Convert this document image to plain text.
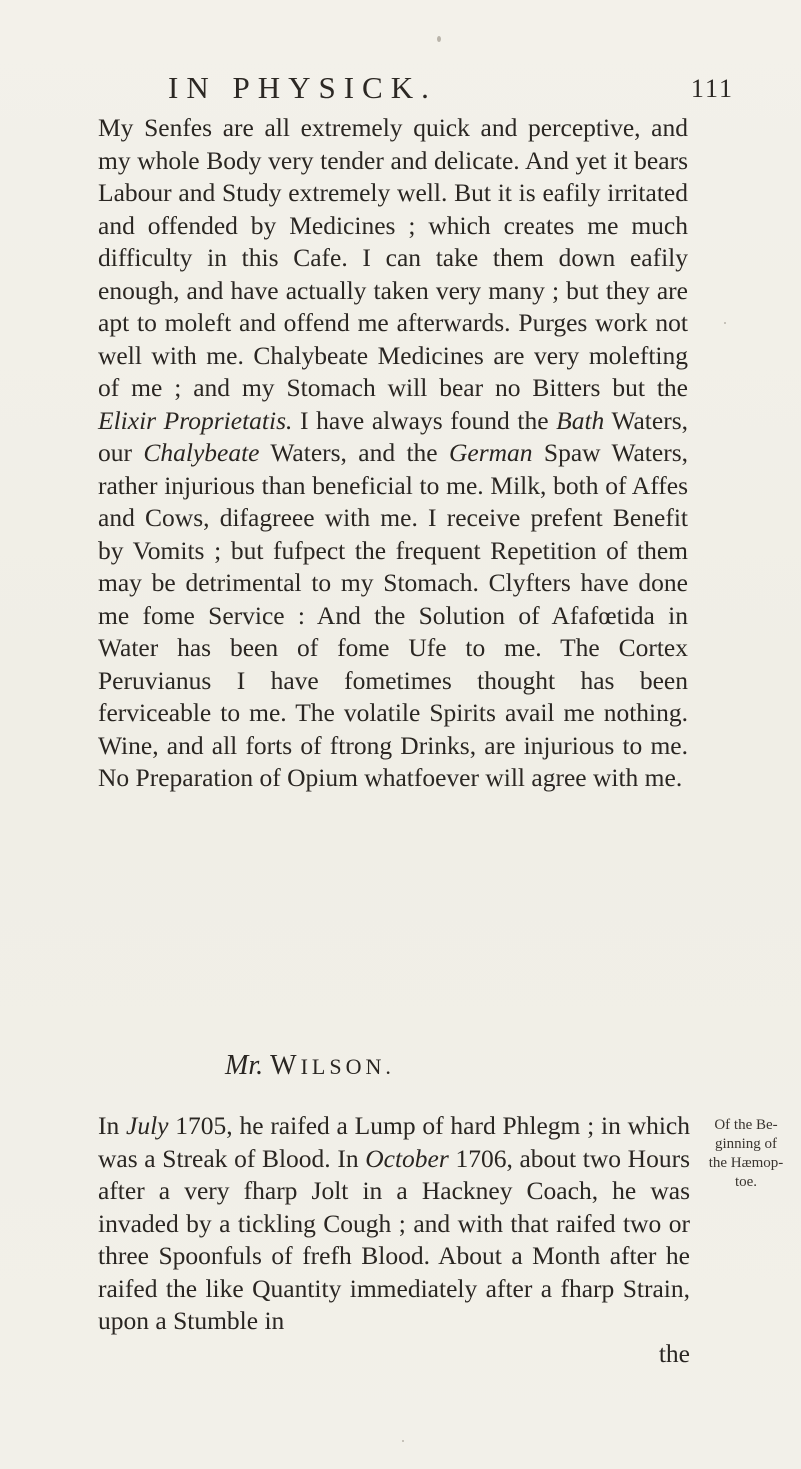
IN PHYSICK.	111

My Senfes are all extremely quick and perceptive, and my whole Body very tender and delicate. And yet it bears Labour and Study extremely well. But it is eafily irritated and offended by Medicines ; which creates me much difficulty in this Cafe. I can take them down eafily enough, and have actually taken very many ; but they are apt to moleft and offend me afterwards. Purges work not well with me. Chalybeate Medicines are very molefting of me ; and my Stomach will bear no Bitters but the Elixir Proprietatis. I have always found the Bath Waters, our Chalybeate Waters, and the German Spaw Waters, rather injurious than beneficial to me. Milk, both of Affes and Cows, difagreee with me. I receive prefent Benefit by Vomits ; but fufpect the frequent Repetition of them may be detrimental to my Stomach. Clyfters have done me fome Service : And the Solution of Afafœtida in Water has been of fome Ufe to me. The Cortex Peruvianus I have fometimes thought has been ferviceable to me. The volatile Spirits avail me nothing. Wine, and all forts of ftrong Drinks, are injurious to me. No Preparation of Opium whatfoever will agree with me.

Mr. WILSON.

In July 1705, he raifed a Lump of hard Phlegm ; in which was a Streak of Blood. In October 1706, about two Hours after a very fharp Jolt in a Hackney Coach, he was invaded by a tickling Cough ; and with that raifed two or three Spoonfuls of frefh Blood. About a Month after he raifed the like Quantity immediately after a fharp Strain, upon a Stumble in
the

Of the Be-
ginning of
the Hæmop-
toe.
